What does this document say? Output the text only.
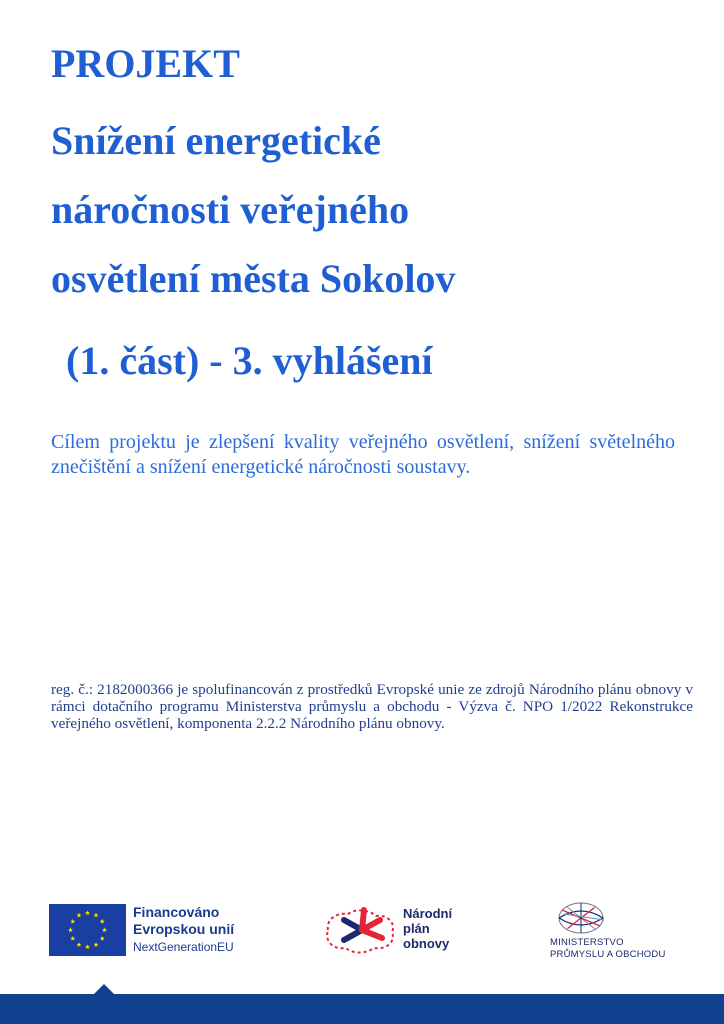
PROJEKT
Snížení energetické
náročnosti veřejného
osvětlení města Sokolov
(1. část) - 3. vyhlášení
Cílem projektu je zlepšení kvality veřejného osvětlení, snížení světelného znečištění a snížení energetické náročnosti soustavy.
reg. č.: 2182000366 je spolufinancován z prostředků Evropské unie ze zdrojů Národního plánu obnovy v rámci dotačního programu Ministerstva průmyslu a obchodu - Výzva č. NPO 1/2022 Rekonstrukce veřejného osvětlení, komponenta 2.2.2 Národního plánu obnovy.
Financováno
Evropskou unií
NextGenerationEU
Národní
plán
obnovy	MINISTERSTVO
PRŮMYSLU A OBCHODU
